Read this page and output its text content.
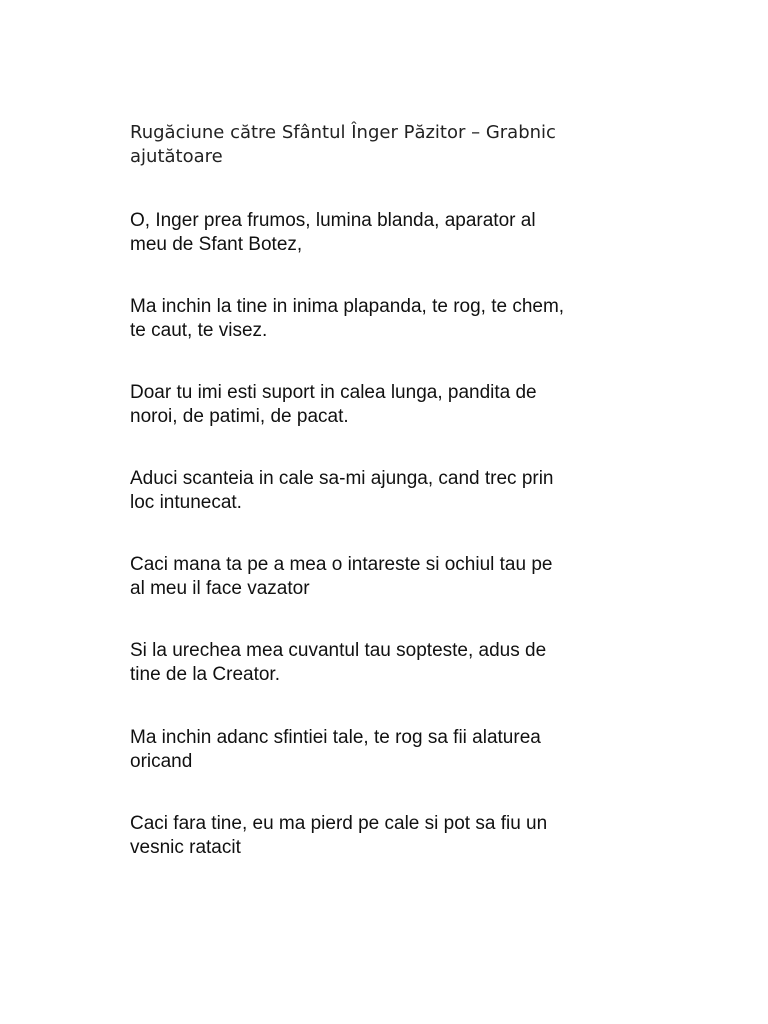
Rugăciune către Sfântul Înger Păzitor – Grabnic
ajutătoare

O, Inger prea frumos, lumina blanda, aparator al
meu de Sfant Botez,

Ma inchin la tine in inima plapanda, te rog, te chem,
te caut, te visez.

Doar tu imi esti suport in calea lunga, pandita de
noroi, de patimi, de pacat.

Aduci scanteia in cale sa-mi ajunga, cand trec prin
loc intunecat.

Caci mana ta pe a mea o intareste si ochiul tau pe
al meu il face vazator

Si la urechea mea cuvantul tau sopteste, adus de
tine de la Creator.

Ma inchin adanc sfintiei tale, te rog sa fii alaturea
oricand

Caci fara tine, eu ma pierd pe cale si pot sa fiu un
vesnic ratacit
